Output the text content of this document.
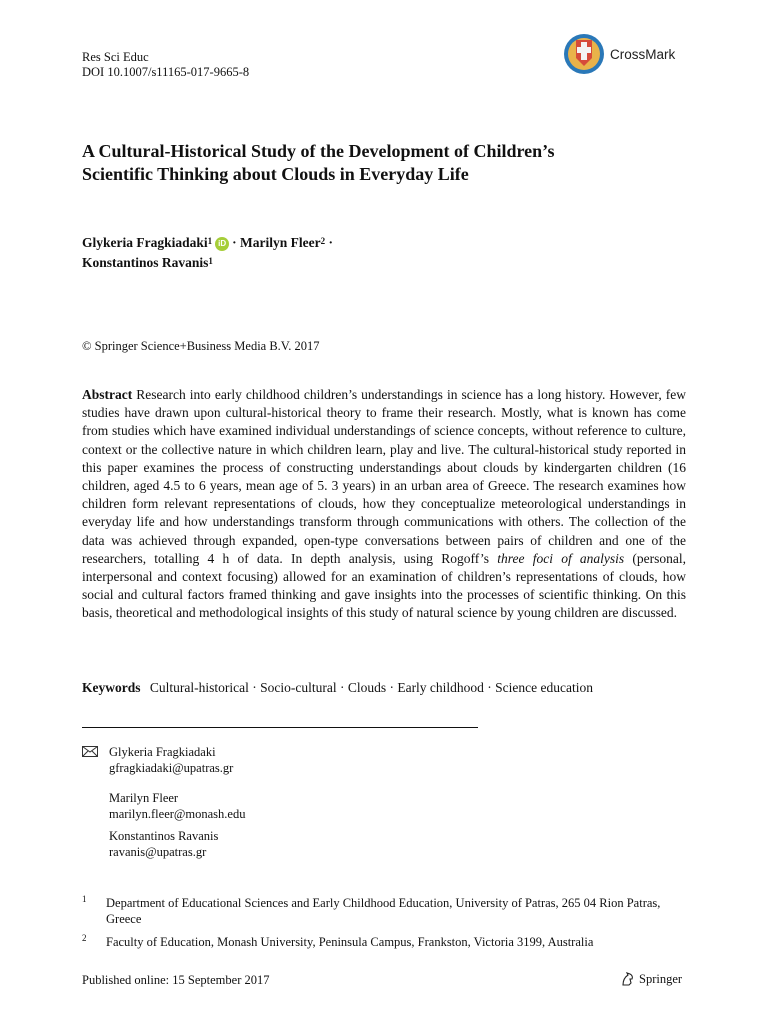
Res Sci Educ
DOI 10.1007/s11165-017-9665-8
CrossMark
A Cultural-Historical Study of the Development of Children’s Scientific Thinking about Clouds in Everyday Life
Glykeria Fragkiadaki$^1$ iD · Marilyn Fleer$^2$ ·
Konstantinos Ravanis$^1$
© Springer Science+Business Media B.V. 2017
Abstract Research into early childhood children’s understandings in science has a long history. However, few studies have drawn upon cultural-historical theory to frame their research. Mostly, what is known has come from studies which have examined individual understandings of science concepts, without reference to culture, context or the collective nature in which children learn, play and live. The cultural-historical study reported in this paper examines the process of constructing understandings about clouds by kindergarten children (16 children, aged 4.5 to 6 years, mean age of 5. 3 years) in an urban area of Greece. The research examines how children form relevant representations of clouds, how they conceptualize meteorological understandings in everyday life and how understandings transform through communications with others. The collection of the data was achieved through expanded, open-type conversations between pairs of children and one of the researchers, totalling 4 h of data. In depth analysis, using Rogoff’s three foci of analysis (personal, interpersonal and context focusing) allowed for an examination of children’s representations of clouds, how social and cultural factors framed thinking and gave insights into the processes of scientific thinking. On this basis, theoretical and methodological insights of this study of natural science by young children are discussed.
Keywords Cultural-historical · Socio-cultural · Clouds · Early childhood · Science education
Glykeria Fragkiadaki
gfragkiadaki@upatras.gr
Marilyn Fleer
marilyn.fleer@monash.edu
Konstantinos Ravanis
ravanis@upatras.gr
1 Department of Educational Sciences and Early Childhood Education, University of Patras, 265 04 Rion Patras, Greece
2 Faculty of Education, Monash University, Peninsula Campus, Frankston, Victoria 3199, Australia
Published online: 15 September 2017	Springer
